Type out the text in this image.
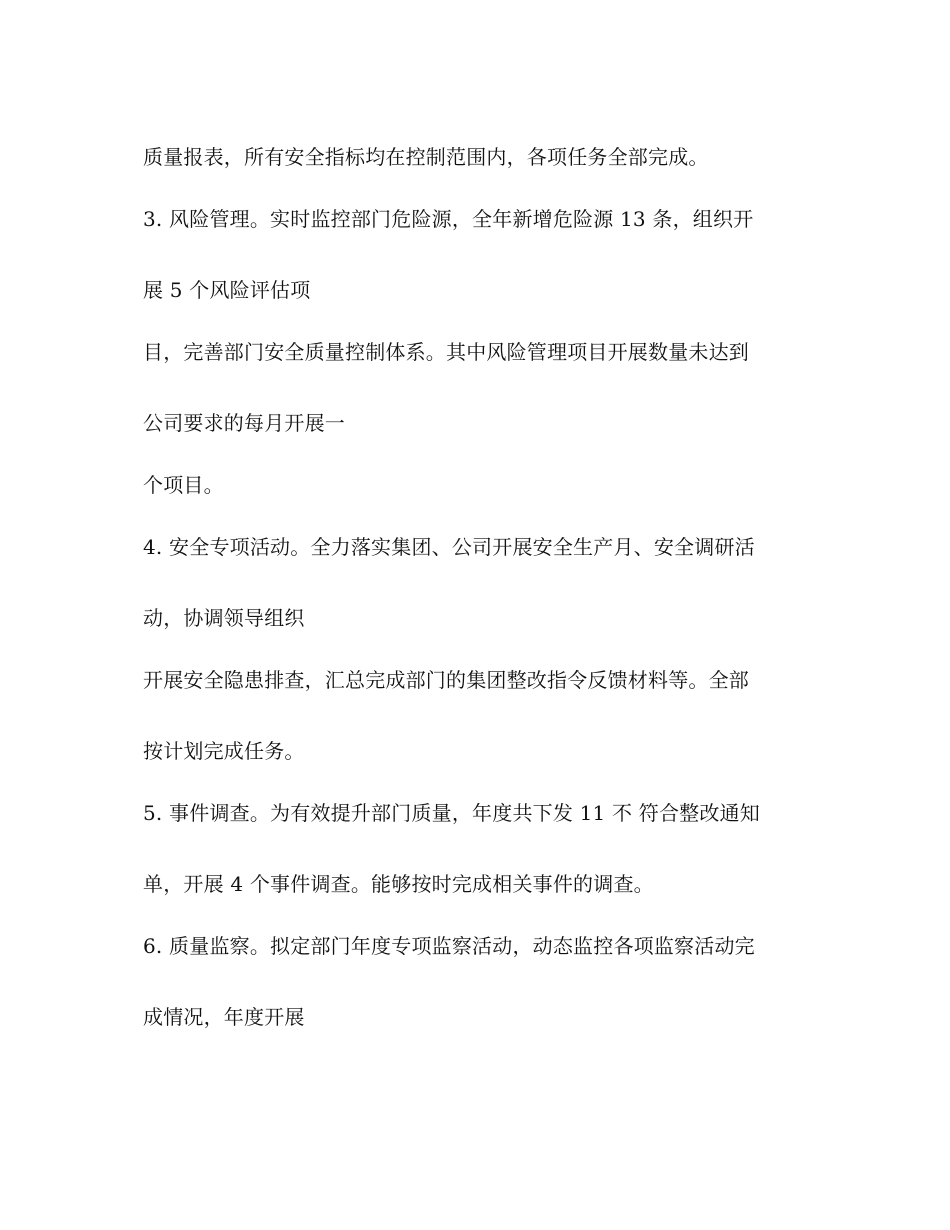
质量报表，所有安全指标均在控制范围内，各项任务全部完成。
3. 风险管理。实时监控部门危险源，全年新增危险源 13 条，组织开
展 5 个风险评估项
目，完善部门安全质量控制体系。其中风险管理项目开展数量未达到
公司要求的每月开展一
个项目。
4. 安全专项活动。全力落实集团、公司开展安全生产月、安全调研活
动，协调领导组织
开展安全隐患排查，汇总完成部门的集团整改指令反馈材料等。全部
按计划完成任务。
5. 事件调查。为有效提升部门质量，年度共下发 11 不 符合整改通知
单，开展 4 个事件调查。能够按时完成相关事件的调查。
6. 质量监察。拟定部门年度专项监察活动，动态监控各项监察活动完
成情况，年度开展
